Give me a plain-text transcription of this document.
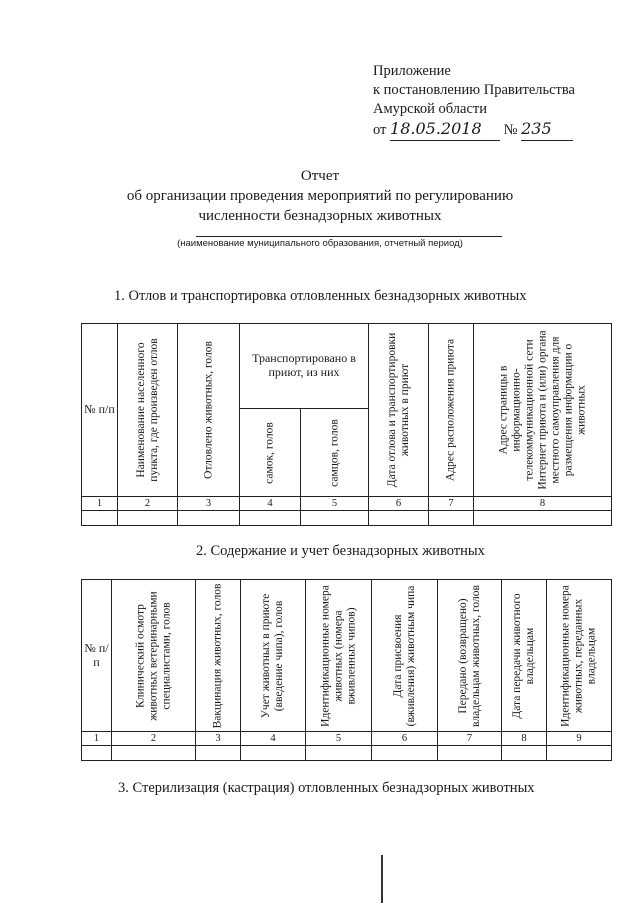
Приложение
к постановлению Правительства
Амурской области
от 18.05.2018 № 235
Отчет
об организации проведения мероприятий по регулированию
численности безнадзорных животных
(наименование муниципального образования, отчетный период)
1. Отлов и транспортировка отловленных безнадзорных животных
№ п/п	Наименование населенного пункта, где произведен отлов	Отловлено животных, голов	Транспортировано в приют, из них		Дата отлова и транспортировки животных в приют	Адрес расположения приюта	Адрес страницы в информационно-телекоммуникационной сети Интернет приюта и (или) органа местного самоуправления для размещения информации о животных

			самок, голов	самцов, голов			

1	2	3	4	5	6	7	8

2. Содержание и учет безнадзорных животных
№ п/п	Клинический осмотр животных ветеринарными специалистами, голов	Вакцинация животных, голов	Учет животных в приюте (введение чипа), голов	Идентификационные номера животных (номера вживленных чипов)	Дата присвоения (вживления) животным чипа	Передано (возвращено) владельцам животных, голов	Дата передачи животного владельцам	Идентификационные номера животных, переданных владельцам

1	2	3	4	5	6	7	8	9

3. Стерилизация (кастрация) отловленных безнадзорных животных
